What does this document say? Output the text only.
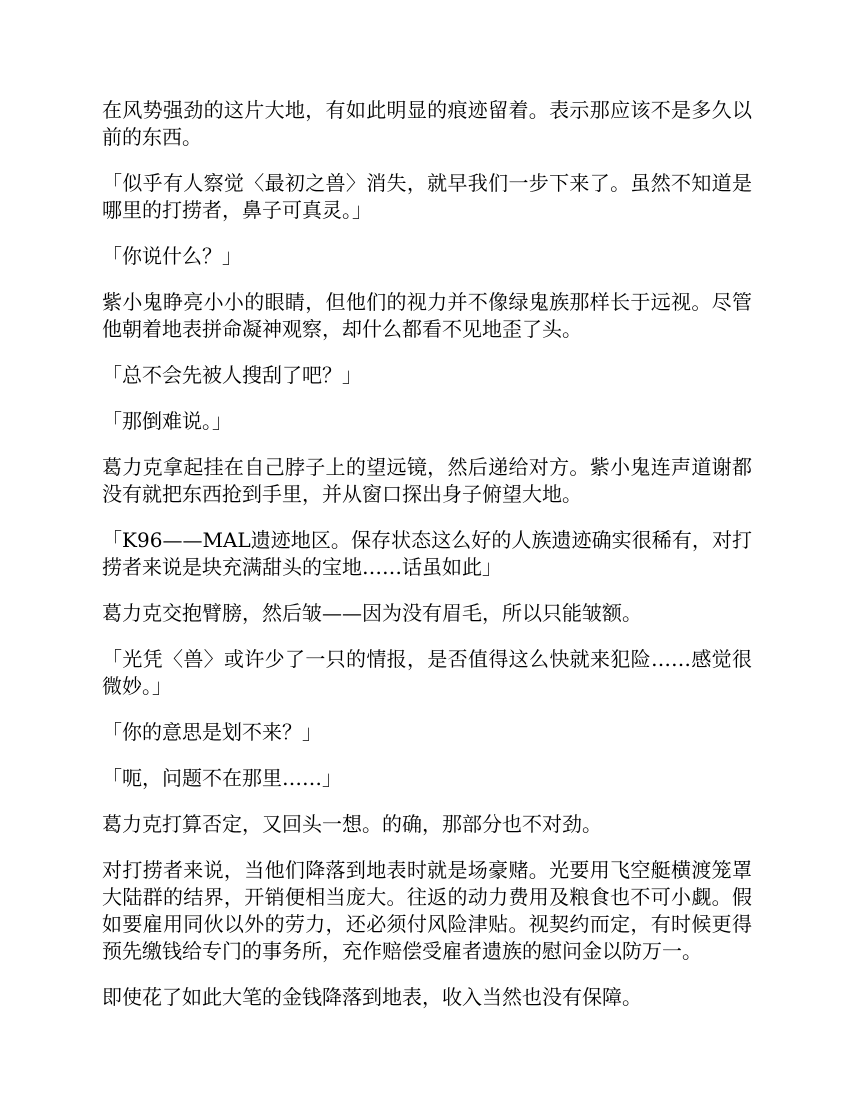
在风势强劲的这片大地，有如此明显的痕迹留着。表示那应该不是多久以前的东西。

「似乎有人察觉〈最初之兽〉消失，就早我们一步下来了。虽然不知道是哪里的打捞者，鼻子可真灵。」

「你说什么？」

紫小鬼睁亮小小的眼睛，但他们的视力并不像绿鬼族那样长于远视。尽管他朝着地表拼命凝神观察，却什么都看不见地歪了头。

「总不会先被人搜刮了吧？」

「那倒难说。」

葛力克拿起挂在自己脖子上的望远镜，然后递给对方。紫小鬼连声道谢都没有就把东西抢到手里，并从窗口探出身子俯望大地。

「K96——MAL遗迹地区。保存状态这么好的人族遗迹确实很稀有，对打捞者来说是块充满甜头的宝地……话虽如此」

葛力克交抱臂膀，然后皱——因为没有眉毛，所以只能皱额。

「光凭〈兽〉或许少了一只的情报，是否值得这么快就来犯险……感觉很微妙。」

「你的意思是划不来？」

「呃，问题不在那里……」

葛力克打算否定，又回头一想。的确，那部分也不对劲。

对打捞者来说，当他们降落到地表时就是场豪赌。光要用飞空艇横渡笼罩大陆群的结界，开销便相当庞大。往返的动力费用及粮食也不可小觑。假如要雇用同伙以外的劳力，还必须付风险津贴。视契约而定，有时候更得预先缴钱给专门的事务所，充作赔偿受雇者遗族的慰问金以防万一。

即使花了如此大笔的金钱降落到地表，收入当然也没有保障。
